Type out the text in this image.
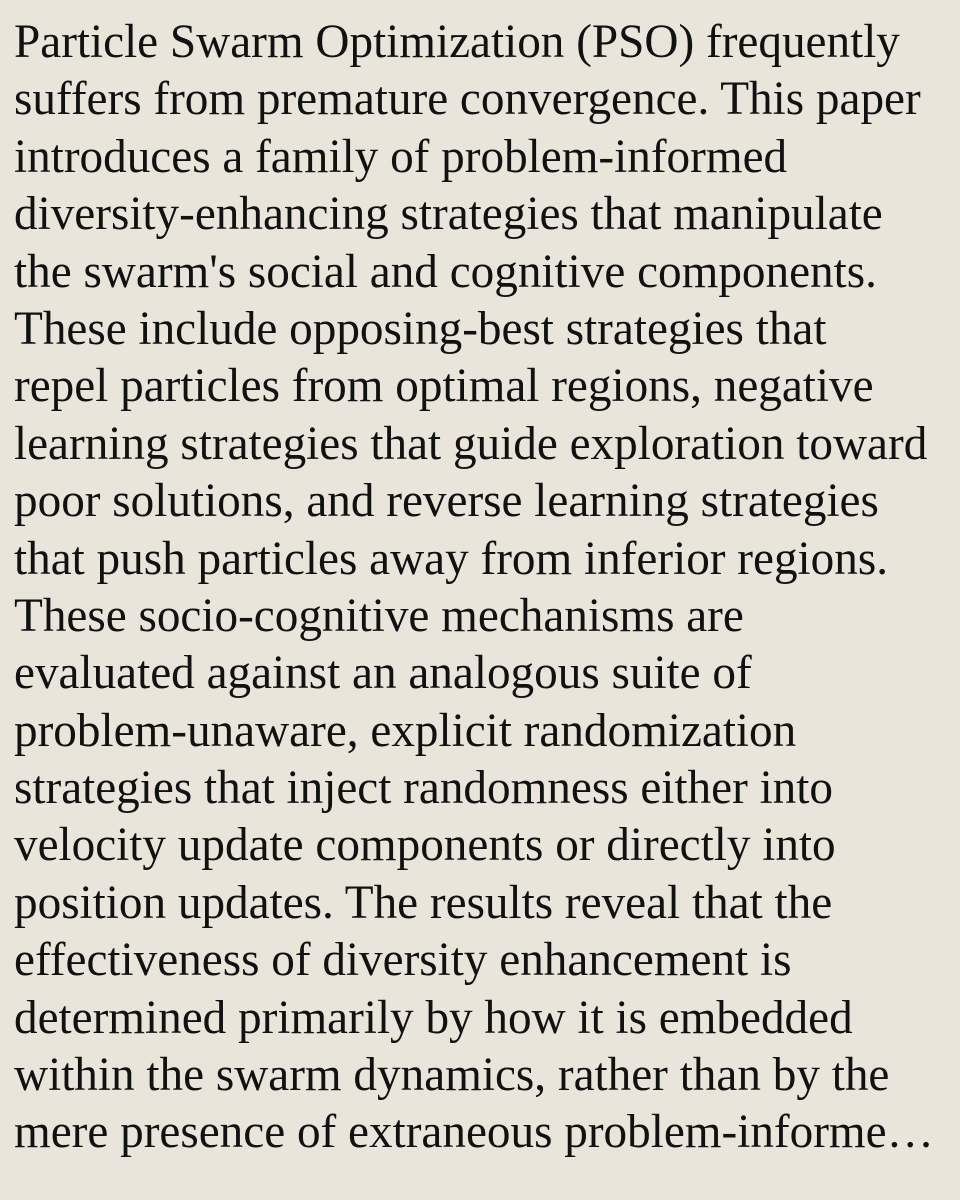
Particle Swarm Optimization (PSO) frequently
suffers from premature convergence. This paper
introduces a family of problem-informed
diversity-enhancing strategies that manipulate
the swarm's social and cognitive components.
These include opposing-best strategies that
repel particles from optimal regions, negative
learning strategies that guide exploration toward
poor solutions, and reverse learning strategies
that push particles away from inferior regions.
These socio-cognitive mechanisms are
evaluated against an analogous suite of
problem-unaware, explicit randomization
strategies that inject randomness either into
velocity update components or directly into
position updates. The results reveal that the
effectiveness of diversity enhancement is
determined primarily by how it is embedded
within the swarm dynamics, rather than by the
mere presence of extraneous problem-informe…
